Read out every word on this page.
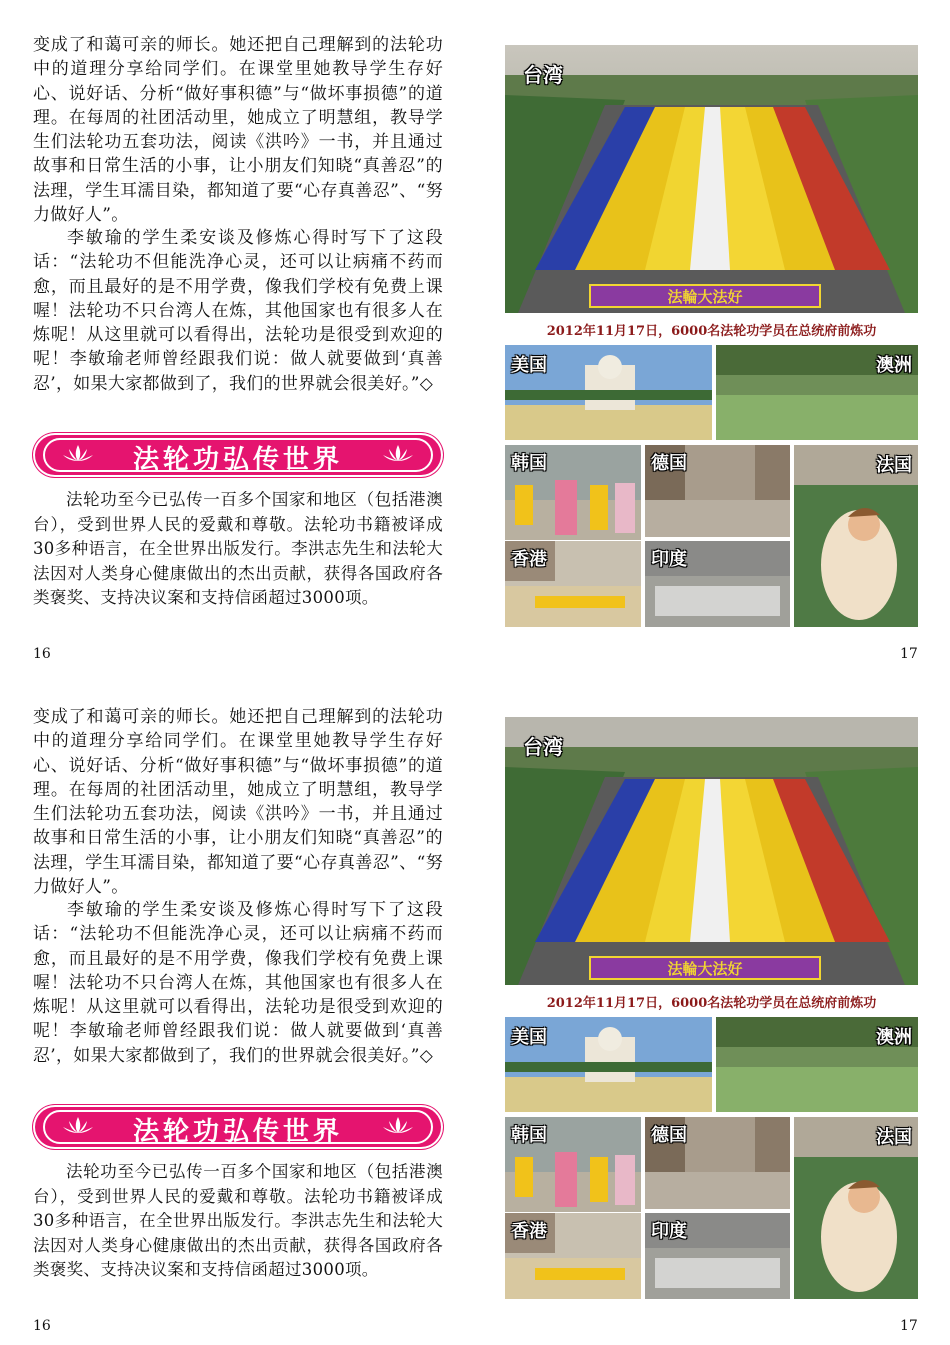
变成了和蔼可亲的师长。她还把自己理解到的法轮功中的道理分享给同学们。在课堂里她教导学生存好心、说好话、分析“做好事积德”与“做坏事损德”的道理。在每周的社团活动里，她成立了明慧组，教导学生们法轮功五套功法，阅读《洪吟》一书，并且通过故事和日常生活的小事，让小朋友们知晓“真善忍”的法理，学生耳濡目染，都知道了要“心存真善忍”、“努力做好人”。

李敏瑜的学生柔安谈及修炼心得时写下了这段话：“法轮功不但能洗净心灵，还可以让病痛不药而愈，而且最好的是不用学费，像我们学校有免费上课喔！法轮功不只台湾人在炼，其他国家也有很多人在炼呢！从这里就可以看得出，法轮功是很受到欢迎的呢！李敏瑜老师曾经跟我们说：做人就要做到‘真善忍’，如果大家都做到了，我们的世界就会很美好。”◇

法轮功弘传世界

法轮功至今已弘传一百多个国家和地区（包括港澳台），受到世界人民的爱戴和尊敬。法轮功书籍被译成30多种语言，在全世界出版发行。李洪志先生和法轮大法因对人类身心健康做出的杰出贡献，获得各国政府各类褒奖、支持决议案和支持信函超过3000项。

16	17
法輪大法好
台湾
2012年11月17日，6000名法轮功学员在总统府前炼功
美国	澳洲
韩国	德国	法国
香港	印度

变成了和蔼可亲的师长。她还把自己理解到的法轮功中的道理分享给同学们。在课堂里她教导学生存好心、说好话、分析“做好事积德”与“做坏事损德”的道理。在每周的社团活动里，她成立了明慧组，教导学生们法轮功五套功法，阅读《洪吟》一书，并且通过故事和日常生活的小事，让小朋友们知晓“真善忍”的法理，学生耳濡目染，都知道了要“心存真善忍”、“努力做好人”。

李敏瑜的学生柔安谈及修炼心得时写下了这段话：“法轮功不但能洗净心灵，还可以让病痛不药而愈，而且最好的是不用学费，像我们学校有免费上课喔！法轮功不只台湾人在炼，其他国家也有很多人在炼呢！从这里就可以看得出，法轮功是很受到欢迎的呢！李敏瑜老师曾经跟我们说：做人就要做到‘真善忍’，如果大家都做到了，我们的世界就会很美好。”◇

法轮功弘传世界

法轮功至今已弘传一百多个国家和地区（包括港澳台），受到世界人民的爱戴和尊敬。法轮功书籍被译成30多种语言，在全世界出版发行。李洪志先生和法轮大法因对人类身心健康做出的杰出贡献，获得各国政府各类褒奖、支持决议案和支持信函超过3000项。

16	17
法輪大法好
台湾
2012年11月17日，6000名法轮功学员在总统府前炼功
美国	澳洲
韩国	德国	法国
香港	印度
